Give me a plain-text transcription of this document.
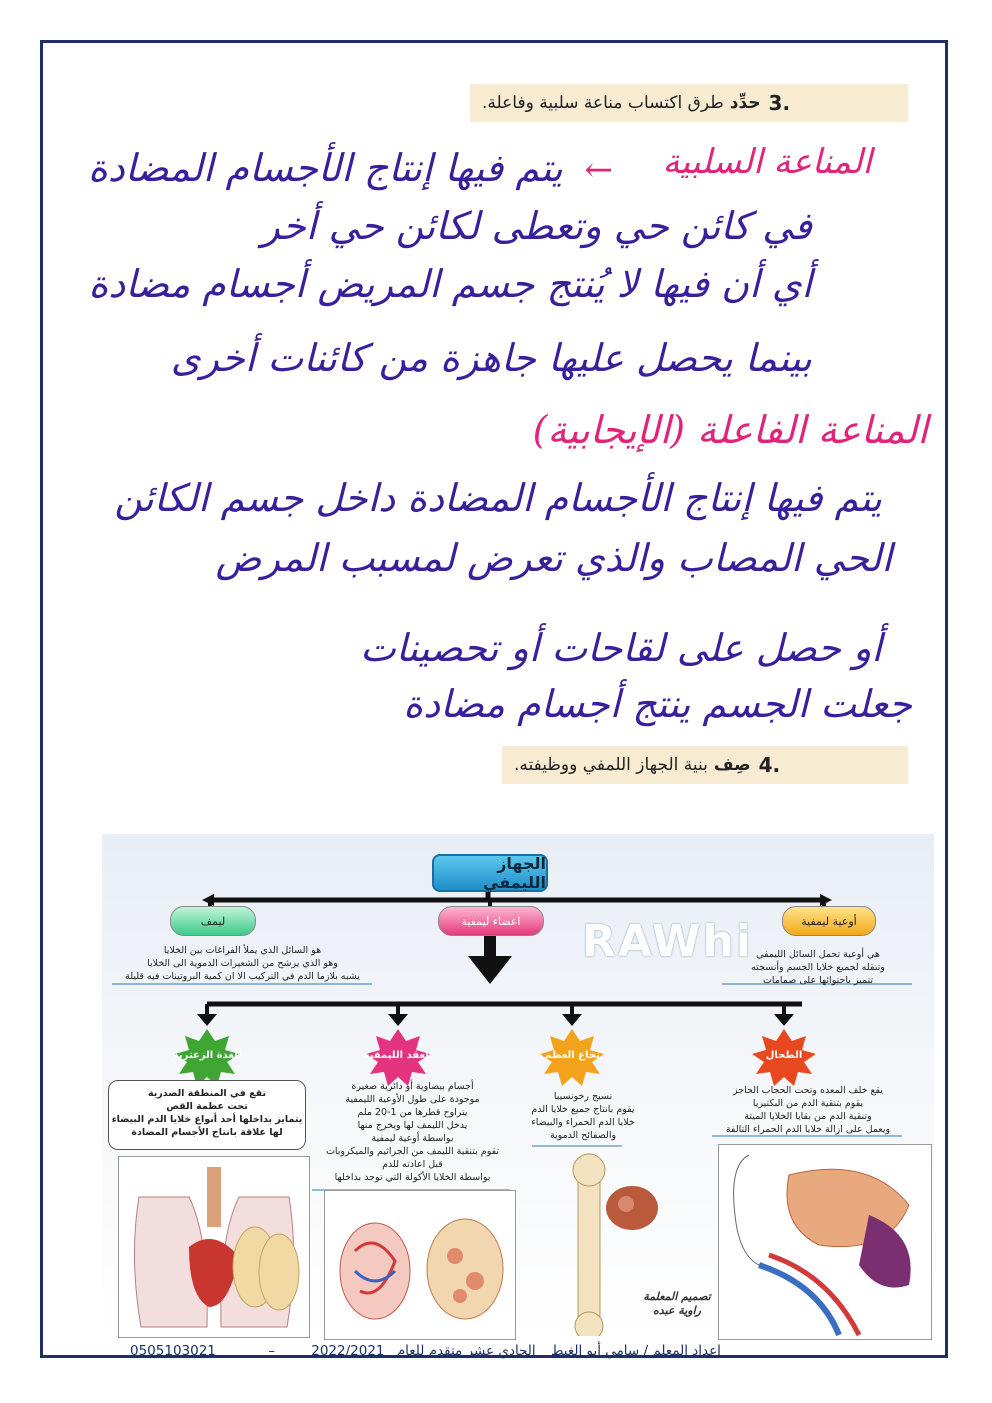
3.
حدِّد
طرق اكتساب مناعة سلبية وفاعلة.
المناعة السلبية
←
يتم فيها إنتاج الأجسام المضادة
في كائن حي وتعطى لكائن حي أخر
أي أن فيها لا يُنتج جسم المريض أجسام مضادة
بينما يحصل عليها جاهزة من كائنات أخرى
المناعة الفاعلة (الإيجابية)
يتم فيها إنتاج الأجسام المضادة داخل جسم الكائن
الحي المصاب والذي تعرض لمسبب المرض
أو حصل على لقاحات أو تحصينات
جعلت الجسم ينتج أجسام مضادة
4.
صِف
بنية الجهاز اللمفي ووظيفته.
الجهاز الليمفي
RAWhi	أوعية ليمفية
اعضاء ليمفية
ليمف
هو السائل الذي يملأ الفراغات بين الخلايا
وهو الذي يرشح من الشعيرات الدموية الى الخلايا
يشبه بلازما الدم في التركيب الا ان كمية البروتينات فيه قليلة
هي أوعية تحمل السائل الليمفي
وتنقله لجميع خلايا الجسم وأنسجته
تتميز باحتوائها على صمامات
الطحال
نخاع العظم
العقد الليمفية
الغدة الزعترية
يقع خلف المعده وتحت الحجاب الحاجز
يقوم بتنقية الدم من البكتيريا
وتنقية الدم من بقايا الخلايا الميتة
ويعمل على ازالة خلايا الدم الحمراء التالفة
نسيج رخونسيبا
يقوم بانتاج جميع خلايا الدم
خلايا الدم الحمراء والبيضاء
والصفائح الدموية
أجسام بيضاوية أو دائرية صغيرة
موجودة على طول الأوعية الليمفية
يتراوح قطرها من 1-20 ملم
يدخل الليمف لها ويخرج منها
بواسطة أوعية ليمفية
تقوم بتنقية الليمف من الجراثيم والميكروبات
قبل اعادته للدم
بواسطة الخلايا الأكولة التي توجد بداخلها
تقع في المنطقة الصدرية
تحت عظمة القص
يتمايز بداخلها أحد أنواع خلايا الدم البيضاء
لها علاقة بانتاج الأجسام المضادة
تصميم المعلمة
راوية عبده
0505103021	–	2022/2021 اعداد المعلم / سامي أبو الغيط _ الحادي عشر متقدم للعام
